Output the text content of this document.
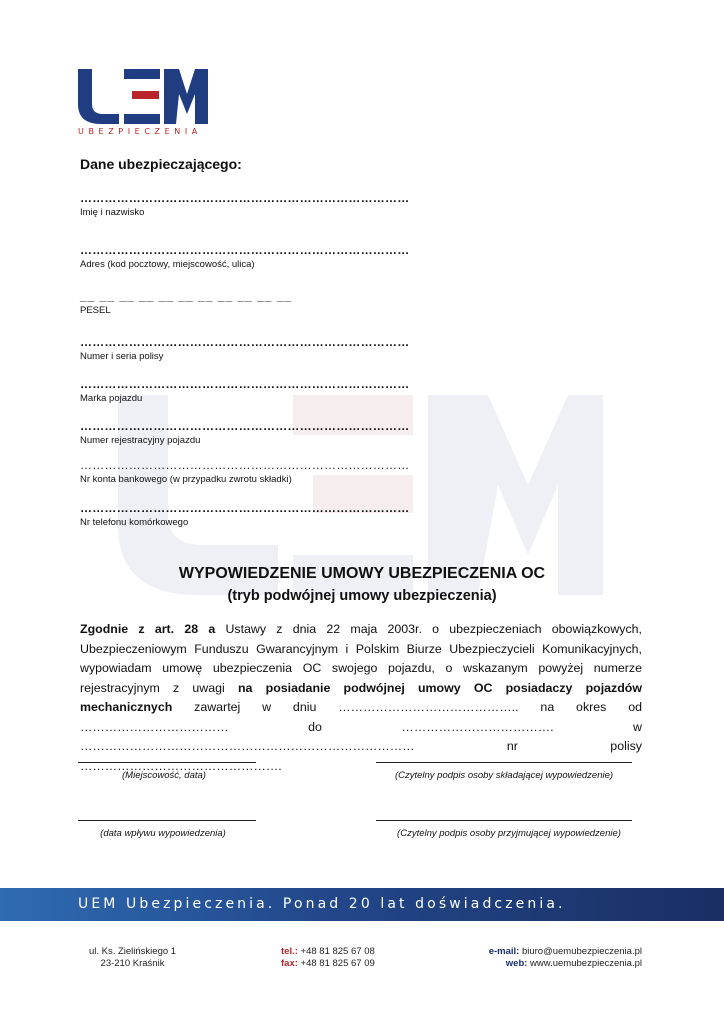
UBEZPIECZENIA
Dane ubezpieczającego:
………………………………………………………………………
Imię i nazwisko
………………………………………………………………………
Adres (kod pocztowy, miejscowość, ulica)
__ __ __ __ __ __ __ __ __ __ __
PESEL
………………………………………………………………………
Numer i seria polisy
………………………………………………………………………
Marka pojazdu
………………………………………………………………………
Numer rejestracyjny pojazdu
………………………………………………………………………
Nr konta bankowego (w przypadku zwrotu składki)
………………………………………………………………………
Nr telefonu komórkowego
WYPOWIEDZENIE UMOWY UBEZPIECZENIA OC
(tryb podwójnej umowy ubezpieczenia)
Zgodnie z art. 28 a Ustawy z dnia 22 maja 2003r. o ubezpieczeniach obowiązkowych, Ubezpieczeniowym Funduszu Gwarancyjnym i Polskim Biurze Ubezpieczycieli Komunikacyjnych, wypowiadam umowę ubezpieczenia OC swojego pojazdu, o wskazanym powyżej numerze rejestracyjnym z uwagi na posiadanie podwójnej umowy OC posiadaczy pojazdów mechanicznych zawartej w dniu …………………………………….. na okres od ……………………………… do ………………………………. w ……………………………………………………………………… nr polisy ………………………………………….
(Miejscowość, data)	(Czytelny podpis osoby składającej wypowiedzenie)
(data wpływu wypowiedzenia)	(Czytelny podpis osoby przyjmującej wypowiedzenie)
UEM Ubezpieczenia. Ponad 20 lat doświadczenia.
ul. Ks. Zielińskiego 1
23-210 Kraśnik
tel.: +48 81 825 67 08
fax: +48 81 825 67 09
e-mail: biuro@uemubezpieczenia.pl
web: www.uemubezpieczenia.pl
